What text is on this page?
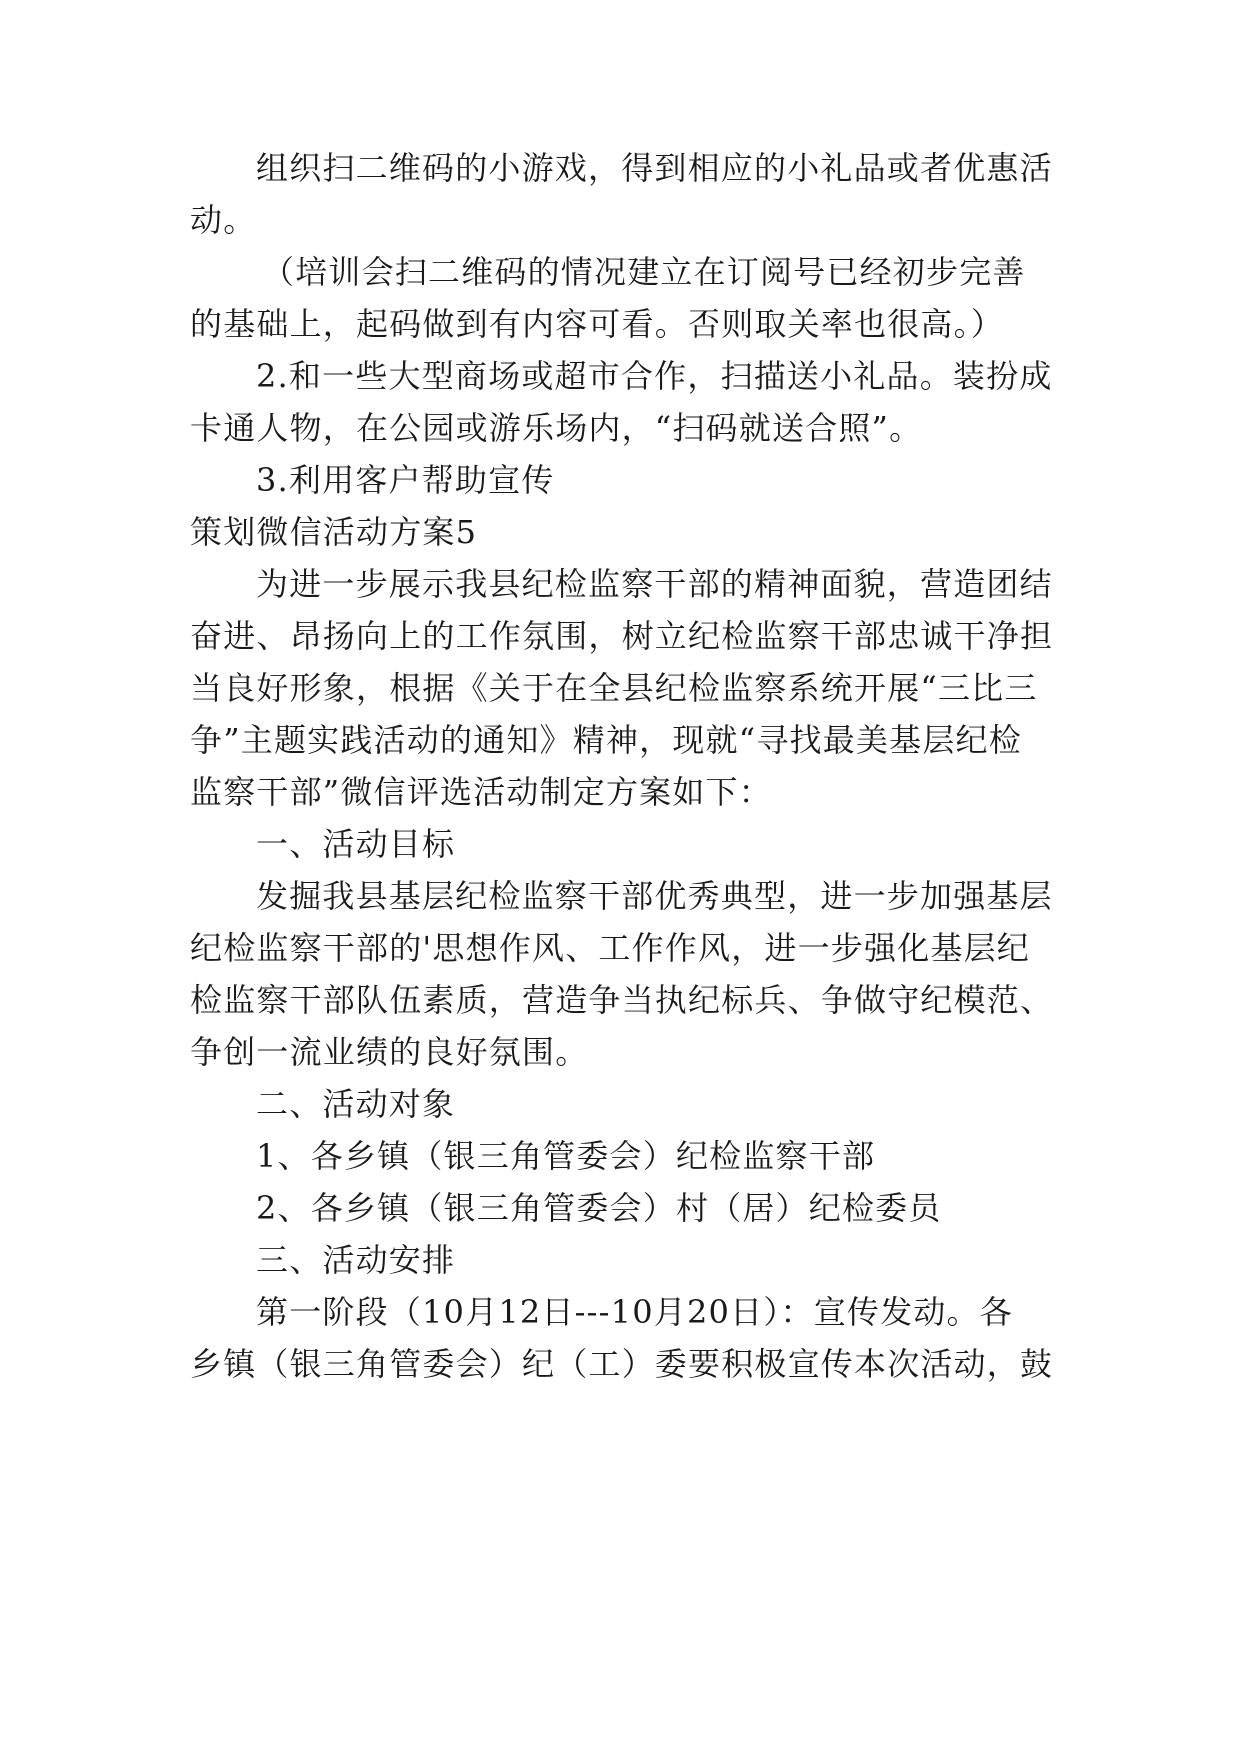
组织扫二维码的小游戏，得到相应的小礼品或者优惠活
动。
（培训会扫二维码的情况建立在订阅号已经初步完善
的基础上，起码做到有内容可看。否则取关率也很高。）
2.和一些大型商场或超市合作，扫描送小礼品。装扮成
卡通人物，在公园或游乐场内，“扫码就送合照”。
3.利用客户帮助宣传
策划微信活动方案5
为进一步展示我县纪检监察干部的精神面貌，营造团结
奋进、昂扬向上的工作氛围，树立纪检监察干部忠诚干净担
当良好形象，根据《关于在全县纪检监察系统开展“三比三
争”主题实践活动的通知》精神，现就“寻找最美基层纪检
监察干部”微信评选活动制定方案如下：
一、活动目标
发掘我县基层纪检监察干部优秀典型，进一步加强基层
纪检监察干部的'思想作风、工作作风，进一步强化基层纪
检监察干部队伍素质，营造争当执纪标兵、争做守纪模范、
争创一流业绩的良好氛围。
二、活动对象
1、各乡镇（银三角管委会）纪检监察干部
2、各乡镇（银三角管委会）村（居）纪检委员
三、活动安排
第一阶段（10月12日---10月20日）：宣传发动。各
乡镇（银三角管委会）纪（工）委要积极宣传本次活动，鼓
